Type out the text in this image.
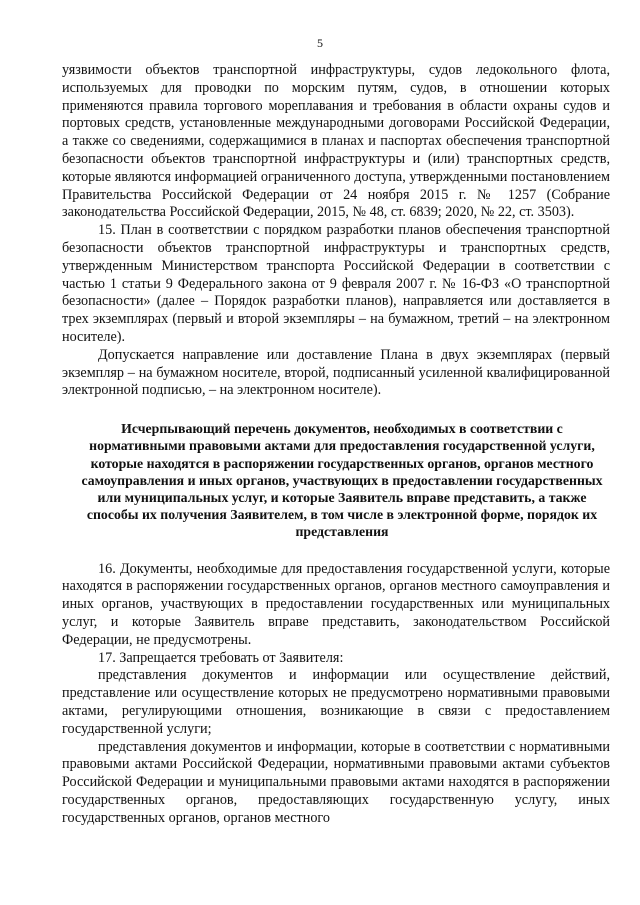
5

уязвимости объектов транспортной инфраструктуры, судов ледокольного флота, используемых для проводки по морским путям, судов, в отношении которых применяются правила торгового мореплавания и требования в области охраны судов и портовых средств, установленные международными договорами Российской Федерации, а также со сведениями, содержащимися в планах и паспортах обеспечения транспортной безопасности объектов транспортной инфраструктуры и (или) транспортных средств, которые являются информацией ограниченного доступа, утвержденными постановлением Правительства Российской Федерации от 24 ноября 2015 г. № 1257 (Собрание законодательства Российской Федерации, 2015, № 48, ст. 6839; 2020, № 22, ст. 3503).

15. План в соответствии с порядком разработки планов обеспечения транспортной безопасности объектов транспортной инфраструктуры и транспортных средств, утвержденным Министерством транспорта Российской Федерации в соответствии с частью 1 статьи 9 Федерального закона от 9 февраля 2007 г. № 16-ФЗ «О транспортной безопасности» (далее – Порядок разработки планов), направляется или доставляется в трех экземплярах (первый и второй экземпляры – на бумажном, третий – на электронном носителе).

Допускается направление или доставление Плана в двух экземплярах (первый экземпляр – на бумажном носителе, второй, подписанный усиленной квалифицированной электронной подписью, – на электронном носителе).

Исчерпывающий перечень документов, необходимых в соответствии с нормативными правовыми актами для предоставления государственной услуги, которые находятся в распоряжении государственных органов, органов местного самоуправления и иных органов, участвующих в предоставлении государственных или муниципальных услуг, и которые Заявитель вправе представить, а также способы их получения Заявителем, в том числе в электронной форме, порядок их представления

16. Документы, необходимые для предоставления государственной услуги, которые находятся в распоряжении государственных органов, органов местного самоуправления и иных органов, участвующих в предоставлении государственных или муниципальных услуг, и которые Заявитель вправе представить, законодательством Российской Федерации, не предусмотрены.

17. Запрещается требовать от Заявителя:

представления документов и информации или осуществление действий, представление или осуществление которых не предусмотрено нормативными правовыми актами, регулирующими отношения, возникающие в связи с предоставлением государственной услуги;

представления документов и информации, которые в соответствии с нормативными правовыми актами Российской Федерации, нормативными правовыми актами субъектов Российской Федерации и муниципальными правовыми актами находятся в распоряжении государственных органов, предоставляющих государственную услугу, иных государственных органов, органов местного
